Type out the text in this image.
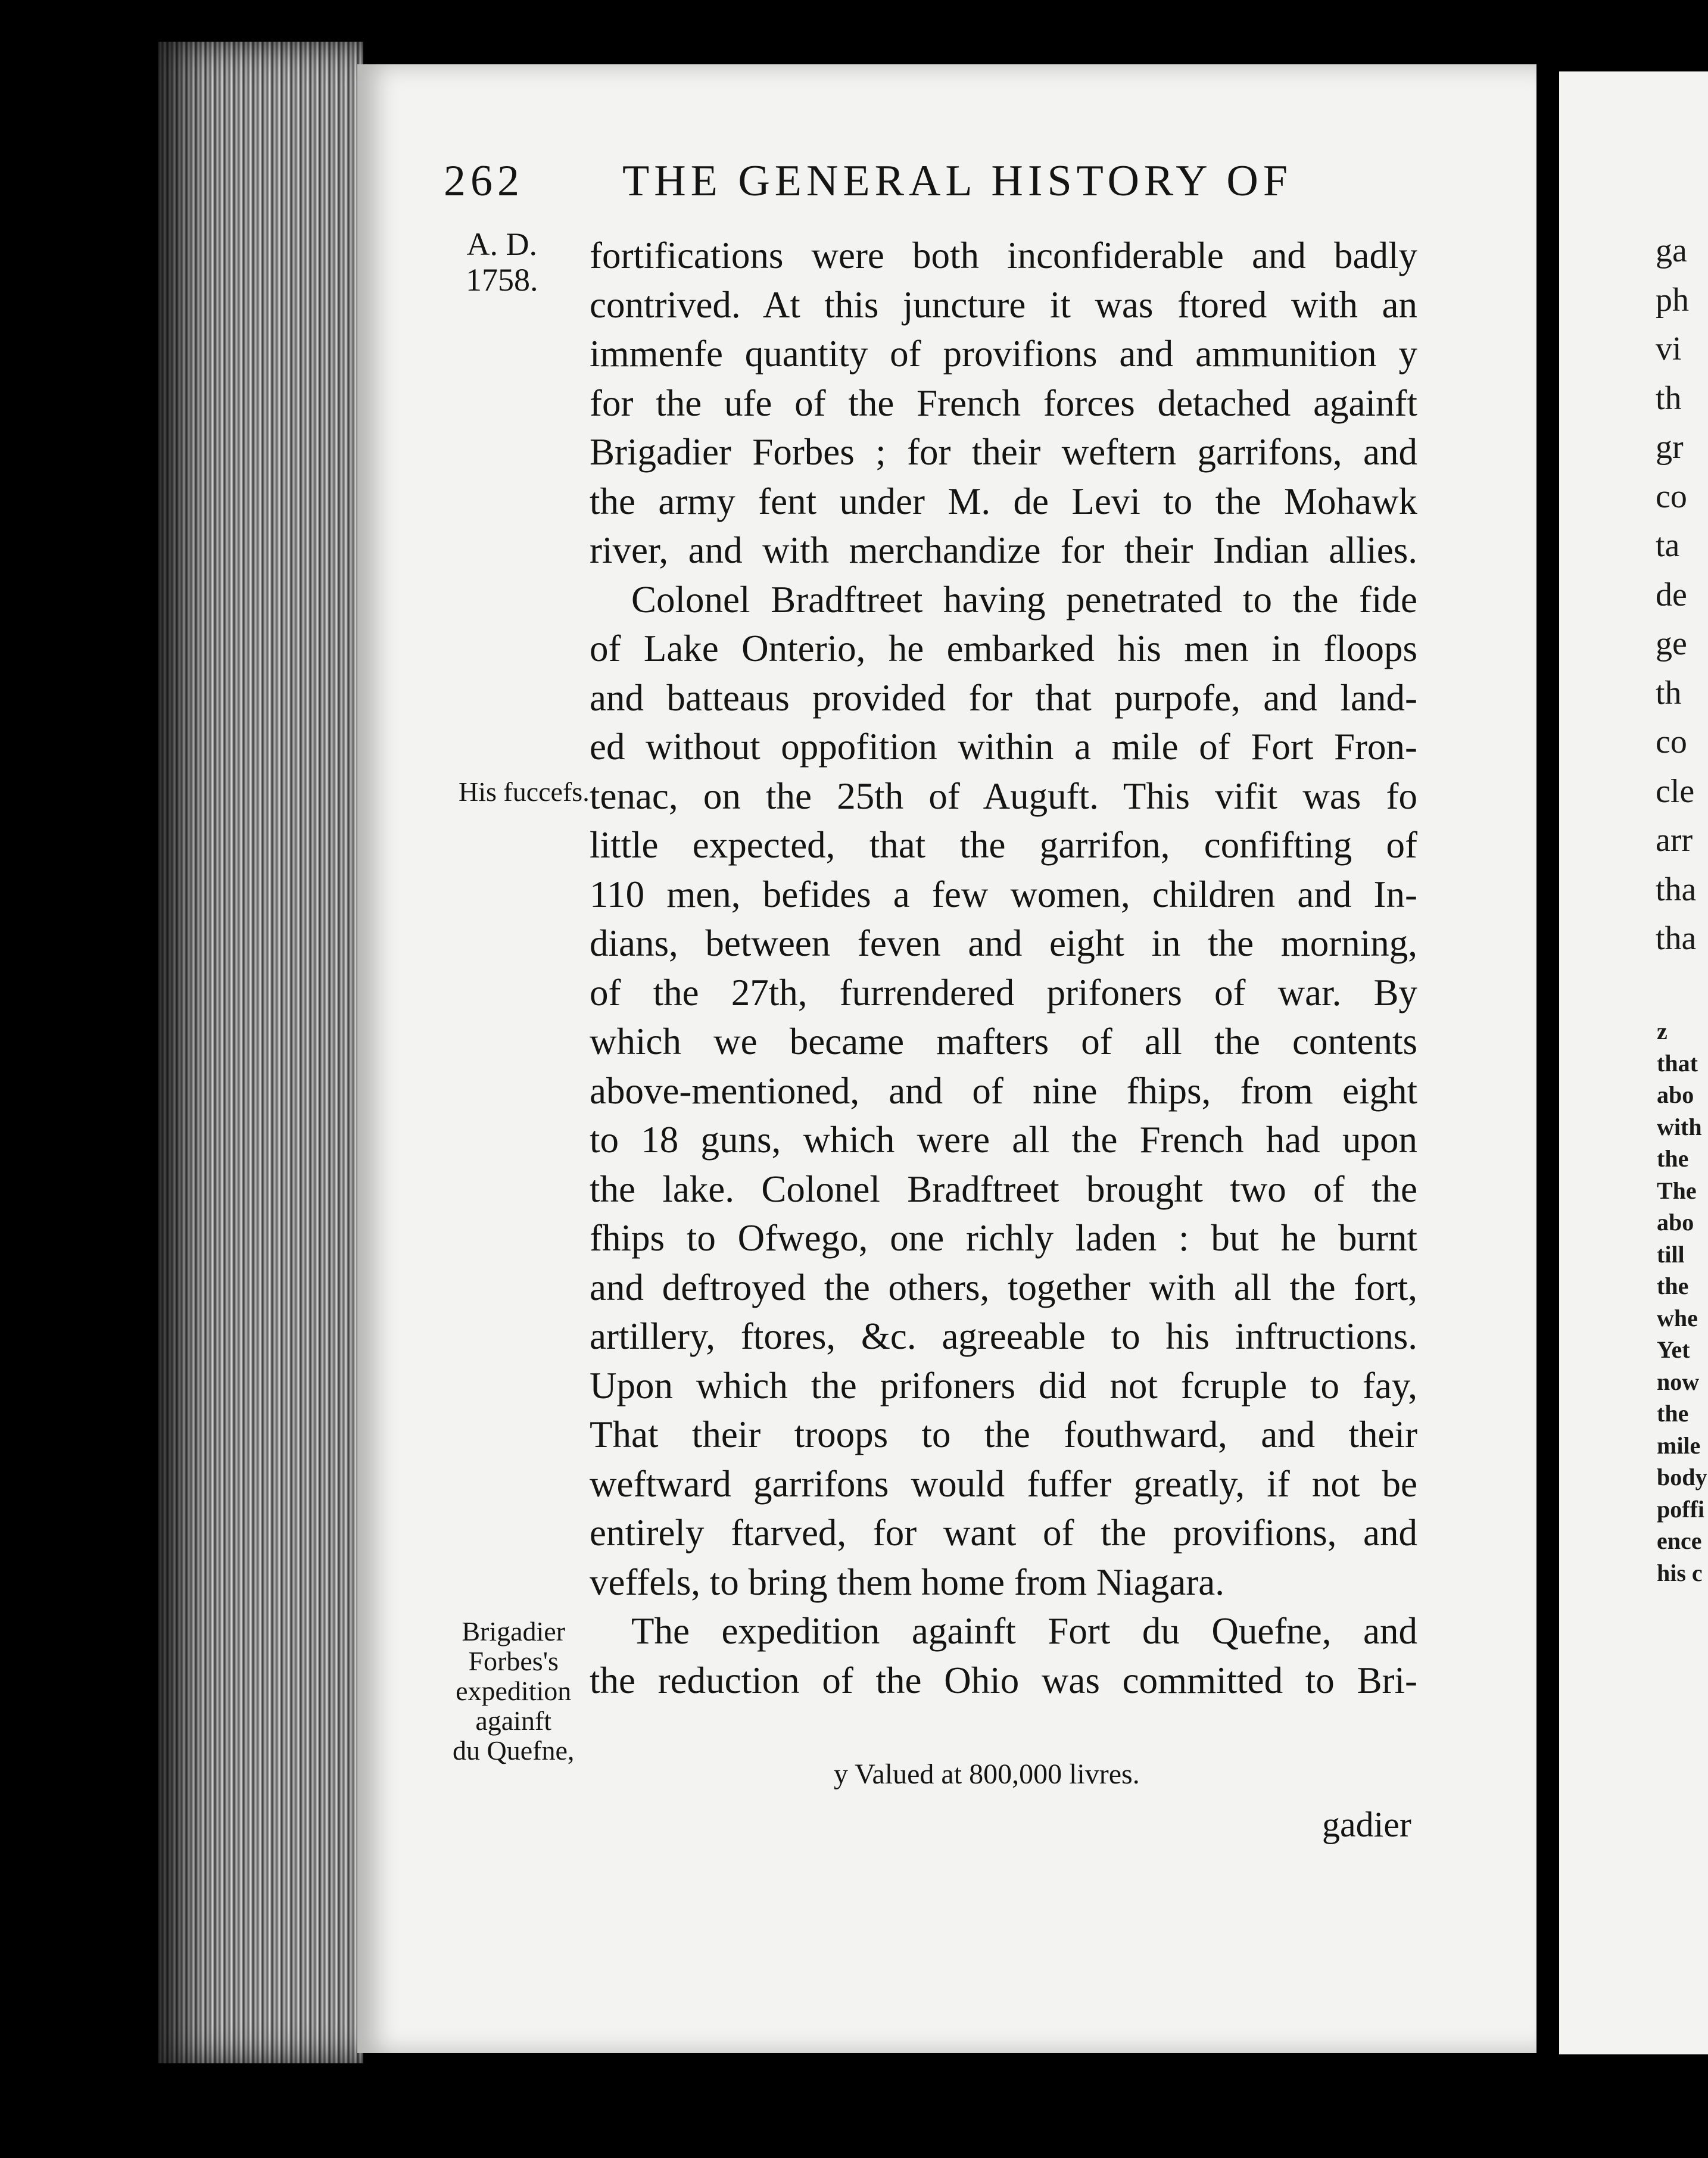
262 THE GENERAL HISTORY OF
A. D.
1758.
fortifications were both inconfiderable and badly
contrived. At this juncture it was ftored with an
immenfe quantity of provifions and ammunition y
for the ufe of the French forces detached againft
Brigadier Forbes ; for their weftern garrifons, and
the army fent under M. de Levi to the Mohawk
river, and with merchandize for their Indian allies.
Colonel Bradftreet having penetrated to the fide
of Lake Onterio, he embarked his men in floops
and batteaus provided for that purpofe, and land-
ed without oppofition within a mile of Fort Fron-
tenac, on the 25th of Auguft. This vifit was fo
little expected, that the garrifon, confifting of
110 men, befides a few women, children and In-
dians, between feven and eight in the morning,
of the 27th, furrendered prifoners of war. By
which we became mafters of all the contents
above-mentioned, and of nine fhips, from eight
to 18 guns, which were all the French had upon
the lake. Colonel Bradftreet brought two of the
fhips to Ofwego, one richly laden : but he burnt
and deftroyed the others, together with all the fort,
artillery, ftores, &c. agreeable to his inftructions.
Upon which the prifoners did not fcruple to fay,
That their troops to the fouthward, and their
weftward garrifons would fuffer greatly, if not be
entirely ftarved, for want of the provifions, and
veffels, to bring them home from Niagara.
The expedition againft Fort du Quefne, and
the reduction of the Ohio was committed to Bri-
His fuccefs.
Brigadier
Forbes's
expedition
againft
du Quefne,
y Valued at 800,000 livres.
gadier
ga
ph
vi
th
gr
co
ta
de
ge
th
co
cle
arr
tha
tha
z
that
abo
with
the
The
abo
till
the
whe
Yet
now
the
mile
body
poffi
ence
his c
